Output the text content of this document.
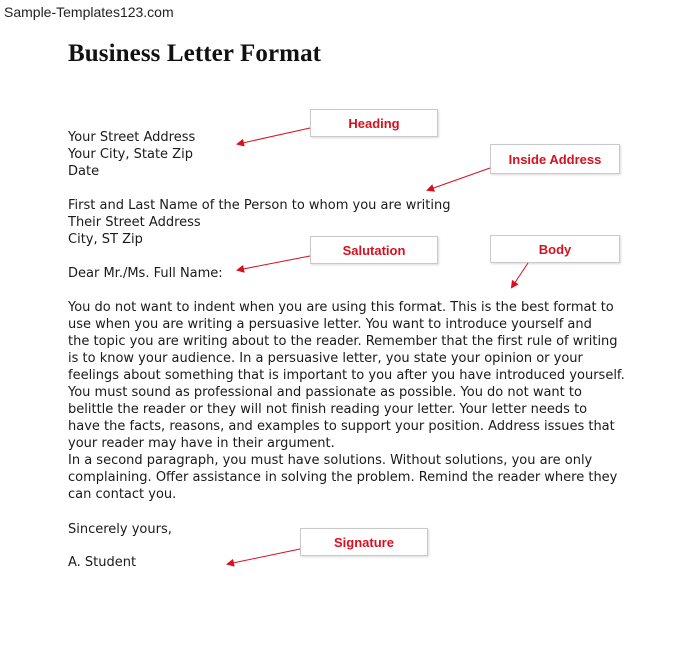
Sample-Templates123.com
Business Letter Format
Your Street Address
Your City, State Zip
Date
First and Last Name of the Person to whom you are writing
Their Street Address
City, ST Zip
Dear Mr./Ms. Full Name:
You do not want to indent when you are using this format. This is the best format to
use when you are writing a persuasive letter. You want to introduce yourself and
the topic you are writing about to the reader. Remember that the first rule of writing
is to know your audience. In a persuasive letter, you state your opinion or your
feelings about something that is important to you after you have introduced yourself.
You must sound as professional and passionate as possible. You do not want to
belittle the reader or they will not finish reading your letter. Your letter needs to
have the facts, reasons, and examples to support your position. Address issues that
your reader may have in their argument.
In a second paragraph, you must have solutions. Without solutions, you are only
complaining. Offer assistance in solving the problem. Remind the reader where they
can contact you.
Sincerely yours,
A. Student
Heading
Inside Address
Salutation	Body
Signature
